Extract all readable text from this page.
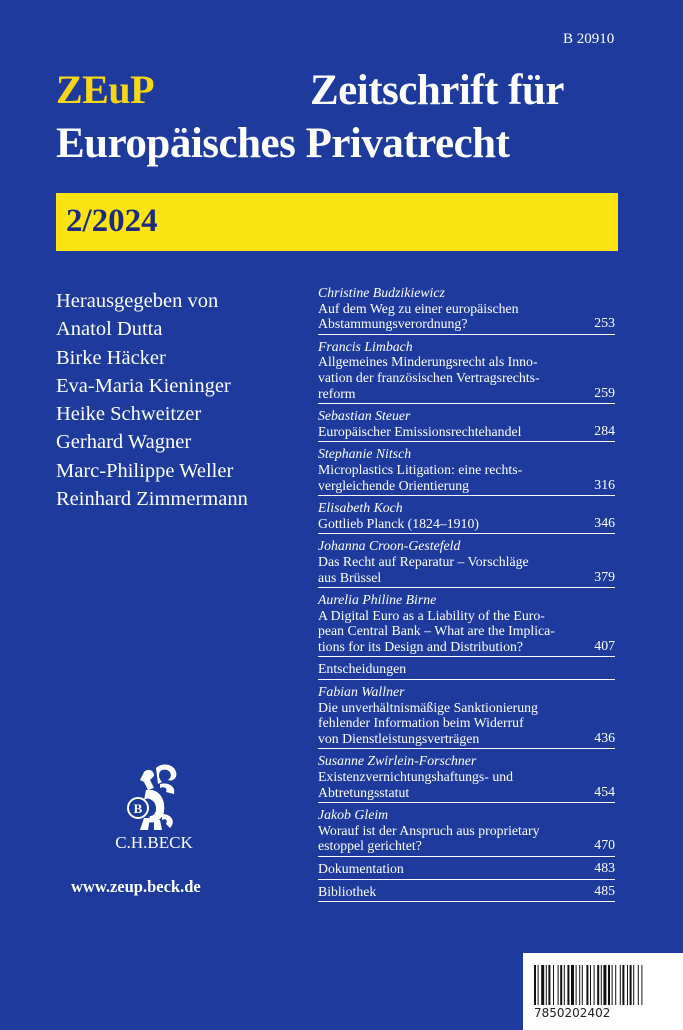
B 20910
ZEuP	Zeitschrift für
Europäisches Privatrecht
2/2024
Herausgegeben von
Anatol Dutta
Birke Häcker
Eva-Maria Kieninger
Heike Schweitzer
Gerhard Wagner
Marc-Philippe Weller
Reinhard Zimmermann
Christine Budzikiewicz
Auf dem Weg zu einer europäischen
Abstammungsverordnung?	253
Francis Limbach
Allgemeines Minderungsrecht als Inno-
vation der französischen Vertragsrechts-
reform	259
Sebastian Steuer
Europäischer Emissionsrechtehandel	284
Stephanie Nitsch
Microplastics Litigation: eine rechts-
vergleichende Orientierung	316
Elisabeth Koch
Gottlieb Planck (1824–1910)	346
Johanna Croon-Gestefeld
Das Recht auf Reparatur – Vorschläge
aus Brüssel	379
Aurelia Philine Birne
A Digital Euro as a Liability of the Euro-
pean Central Bank – What are the Implica-
tions for its Design and Distribution?	407
Entscheidungen
Fabian Wallner
Die unverhältnismäßige Sanktionierung
fehlender Information beim Widerruf
von Dienstleistungsverträgen	436
Susanne Zwirlein-Forschner
Existenzvernichtungshaftungs- und
Abtretungsstatut	454
Jakob Gleim
Worauf ist der Anspruch aus proprietary
estoppel gerichtet?	470
Dokumentation	483
Bibliothek	485
B
C.H.BECK
www.zeup.beck.de
7850202402
